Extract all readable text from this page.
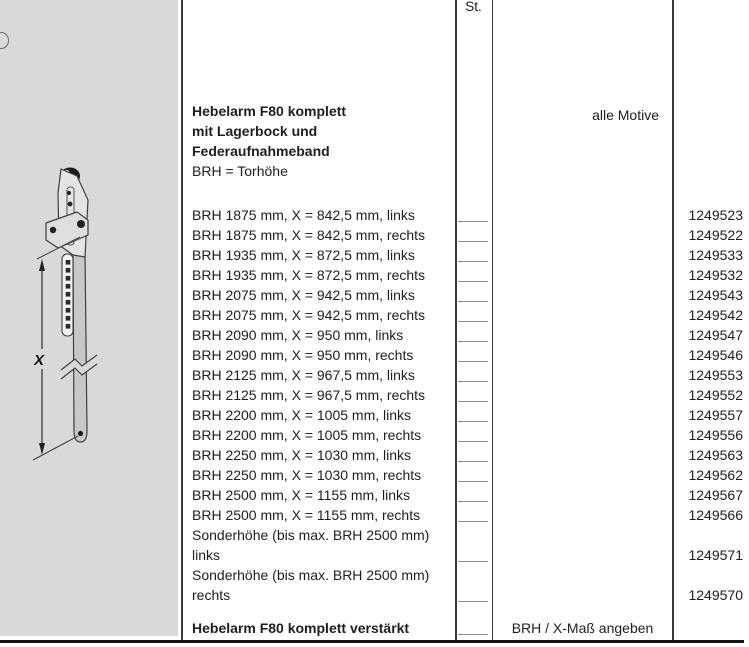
X
St.
Hebelarm F80 komplett
mit Lagerbock und
Federaufnahmeband
BRH = Torhöhe
alle Motive
BRH 1875 mm, X = 842,5 mm, links	1249523
BRH 1875 mm, X = 842,5 mm, rechts	1249522
BRH 1935 mm, X = 872,5 mm, links	1249533
BRH 1935 mm, X = 872,5 mm, rechts	1249532
BRH 2075 mm, X = 942,5 mm, links	1249543
BRH 2075 mm, X = 942,5 mm, rechts	1249542
BRH 2090 mm, X = 950 mm, links	1249547
BRH 2090 mm, X = 950 mm, rechts	1249546
BRH 2125 mm, X = 967,5 mm, links	1249553
BRH 2125 mm, X = 967,5 mm, rechts	1249552
BRH 2200 mm, X = 1005 mm, links	1249557
BRH 2200 mm, X = 1005 mm, rechts	1249556
BRH 2250 mm, X = 1030 mm, links	1249563
BRH 2250 mm, X = 1030 mm, rechts	1249562
BRH 2500 mm, X = 1155 mm, links	1249567
BRH 2500 mm, X = 1155 mm, rechts	1249566
Sonderhöhe (bis max. BRH 2500 mm)
links	1249571
Sonderhöhe (bis max. BRH 2500 mm)
rechts	1249570
Hebelarm F80 komplett verstärkt	BRH / X-Maß angeben
